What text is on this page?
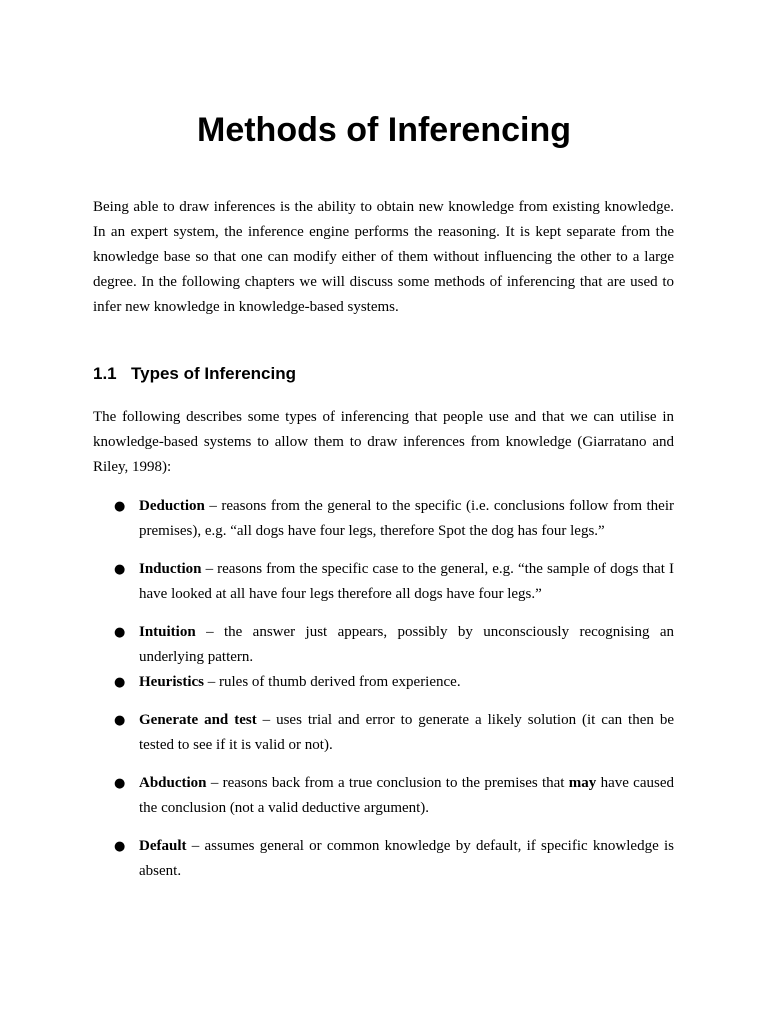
Methods of Inferencing

Being able to draw inferences is the ability to obtain new knowledge from existing knowledge. In an expert system, the inference engine performs the reasoning. It is kept separate from the knowledge base so that one can modify either of them without influencing the other to a large degree. In the following chapters we will discuss some methods of inferencing that are used to infer new knowledge in knowledge-based systems.

1.1 Types of Inferencing

The following describes some types of inferencing that people use and that we can utilise in knowledge-based systems to allow them to draw inferences from knowledge (Giarratano and Riley, 1998):

● Deduction – reasons from the general to the specific (i.e. conclusions follow from their premises), e.g. “all dogs have four legs, therefore Spot the dog has four legs.”
● Induction – reasons from the specific case to the general, e.g. “the sample of dogs that I have looked at all have four legs therefore all dogs have four legs.”
● Intuition – the answer just appears, possibly by unconsciously recognising an underlying pattern.
● Heuristics – rules of thumb derived from experience.
● Generate and test – uses trial and error to generate a likely solution (it can then be tested to see if it is valid or not).
● Abduction – reasons back from a true conclusion to the premises that may have caused the conclusion (not a valid deductive argument).
● Default – assumes general or common knowledge by default, if specific knowledge is absent.
